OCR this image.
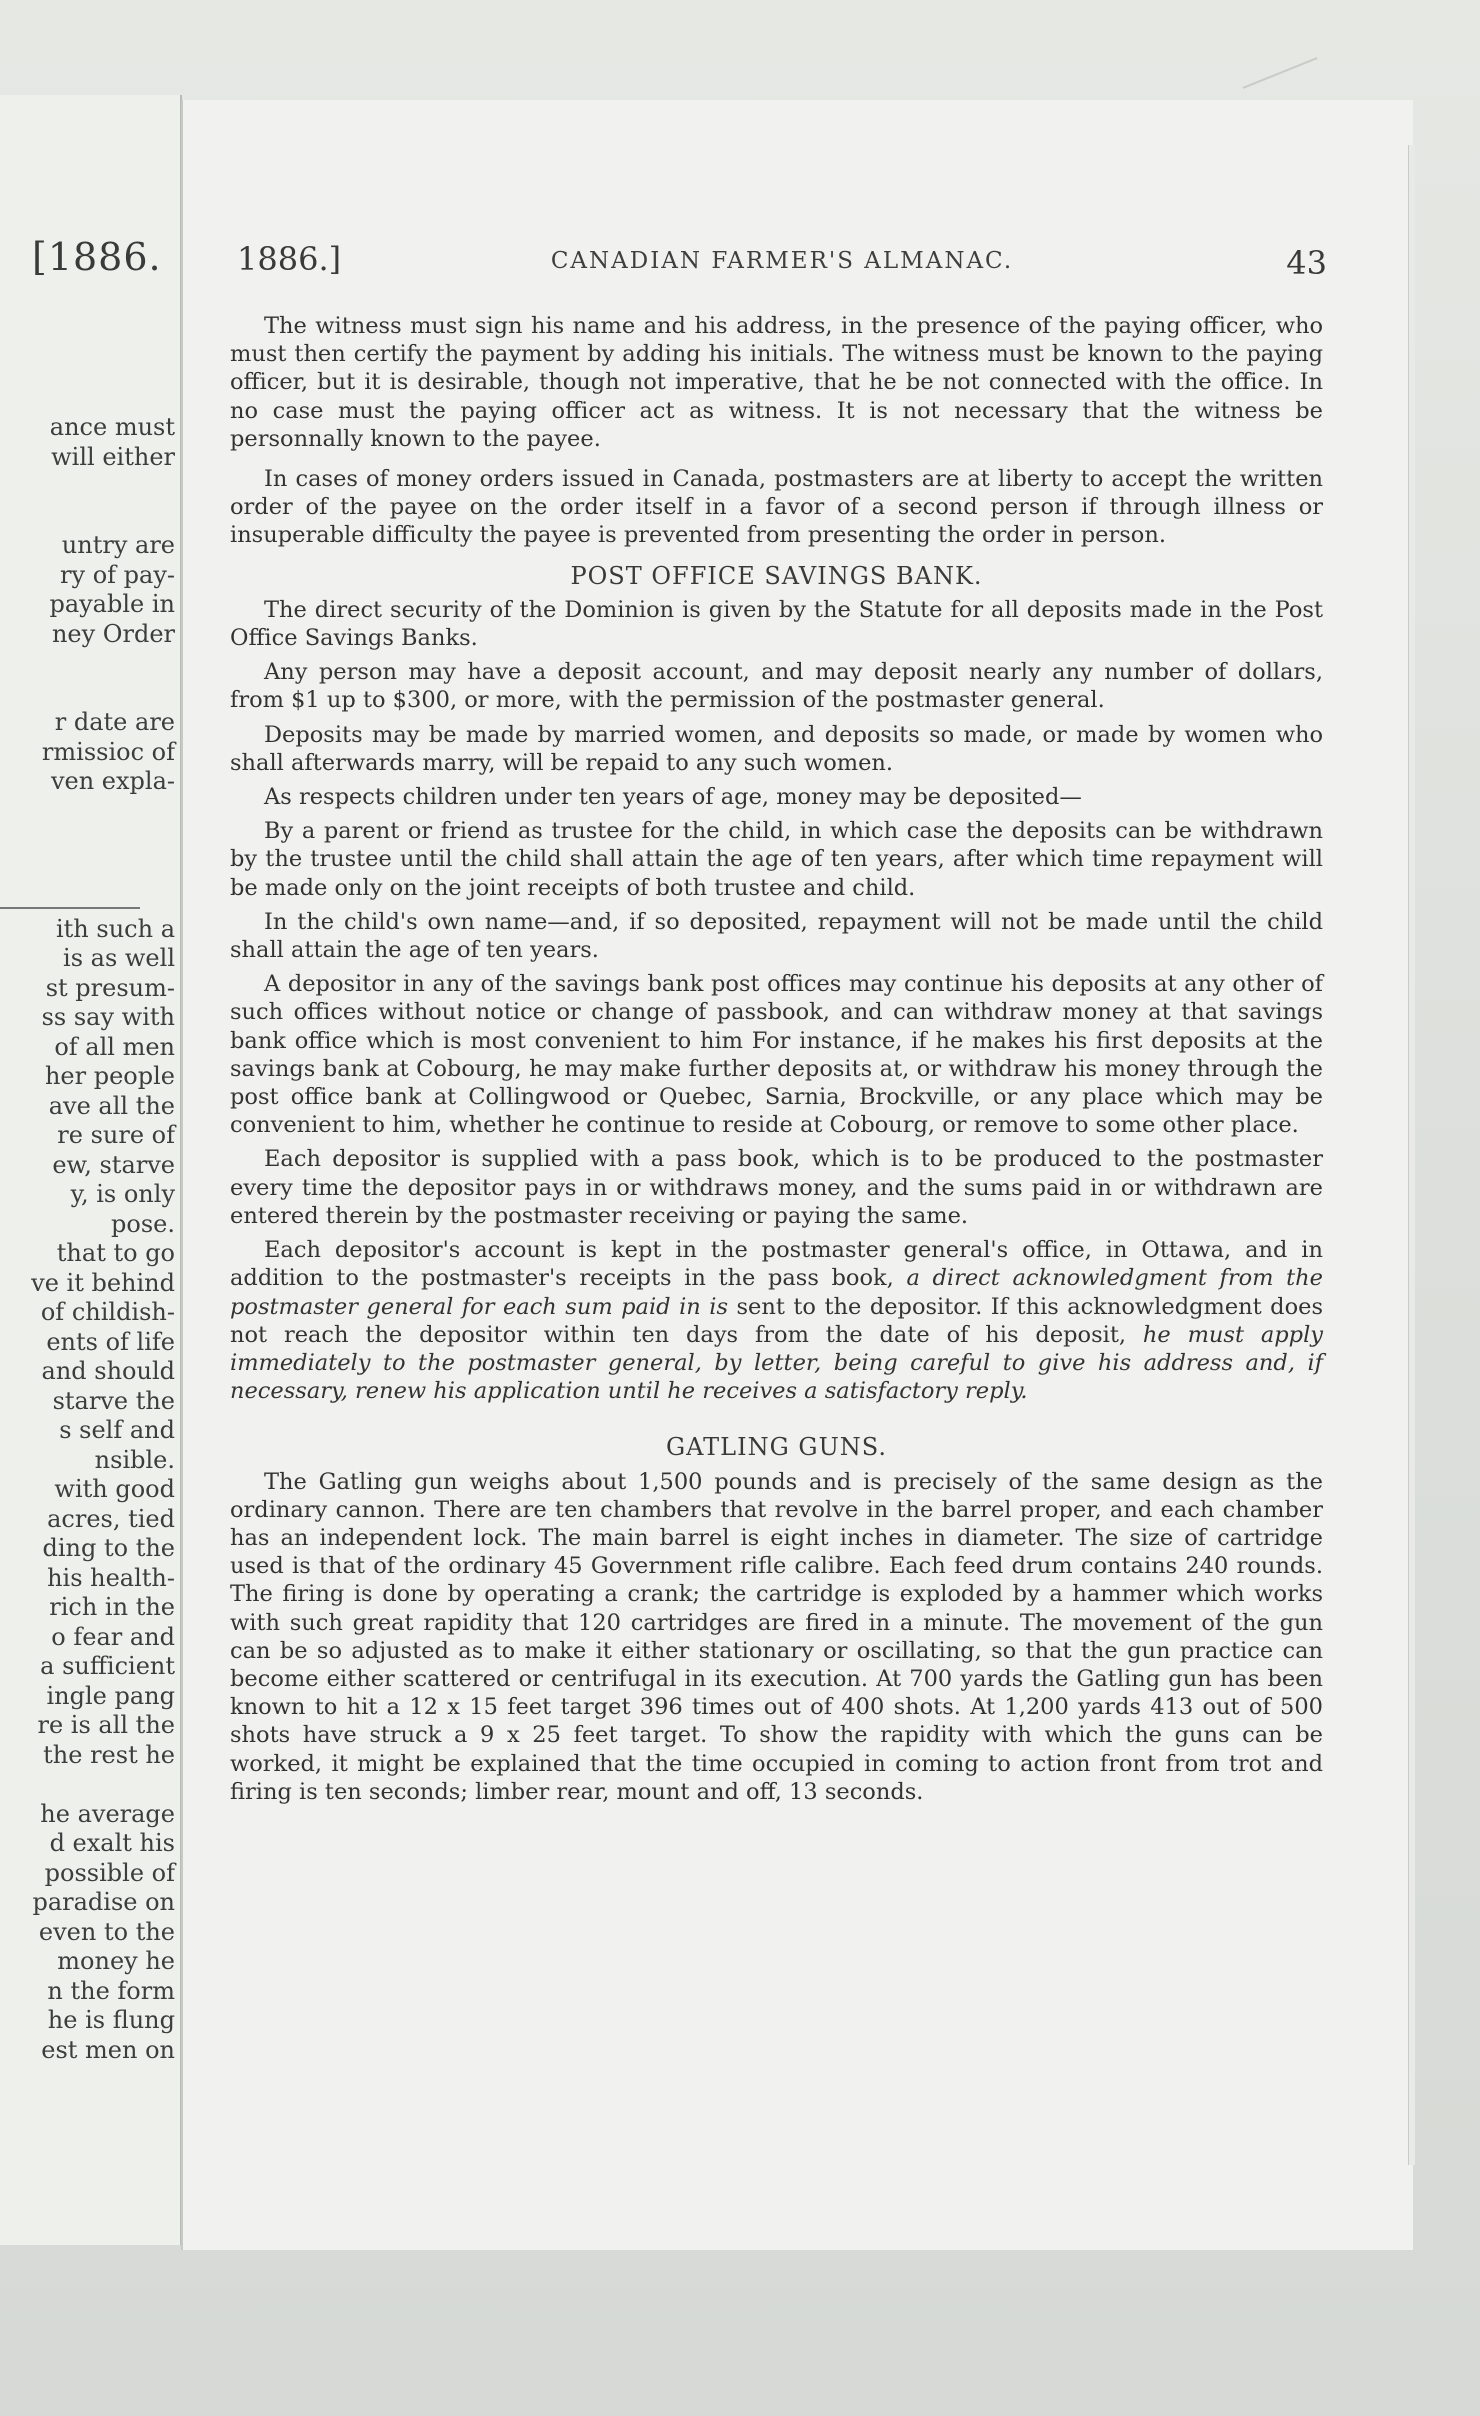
[1886.
ance must
will either
untry are
ry of pay-
payable in
ney Order
r date are
rmissioc of
ven expla-
ith such a
is as well
st presum-
ss say with
of all men
her people
ave all the
re sure of
ew, starve
y, is only
pose.
that to go
ve it behind
of childish-
ents of life
and should
starve the
s self and
nsible.
with good
acres, tied
ding to the
his health-
rich in the
o fear and
a sufficient
ingle pang
re is all the
the rest he
he average
d exalt his
possible of
paradise on
even to the
money he
n the form
he is flung
est men on
1886.]	CANADIAN FARMER'S ALMANAC.	43

The witness must sign his name and his address, in the presence of the paying officer, who must then certify the payment by adding his initials. The witness must be known to the paying officer, but it is desirable, though not imperative, that he be not connected with the office. In no case must the paying officer act as witness. It is not necessary that the witness be personnally known to the payee.

In cases of money orders issued in Canada, postmasters are at liberty to accept the written order of the payee on the order itself in a favor of a second person if through illness or insuperable difficulty the payee is prevented from presenting the order in person.

POST OFFICE SAVINGS BANK.

The direct security of the Dominion is given by the Statute for all deposits made in the Post Office Savings Banks.

Any person may have a deposit account, and may deposit nearly any number of dollars, from $1 up to $300, or more, with the permission of the postmaster general.

Deposits may be made by married women, and deposits so made, or made by women who shall afterwards marry, will be repaid to any such women.

As respects children under ten years of age, money may be deposited—

By a parent or friend as trustee for the child, in which case the deposits can be withdrawn by the trustee until the child shall attain the age of ten years, after which time repayment will be made only on the joint receipts of both trustee and child.

In the child's own name—and, if so deposited, repayment will not be made until the child shall attain the age of ten years.

A depositor in any of the savings bank post offices may continue his deposits at any other of such offices without notice or change of passbook, and can withdraw money at that savings bank office which is most convenient to him For instance, if he makes his first deposits at the savings bank at Cobourg, he may make further deposits at, or withdraw his money through the post office bank at Collingwood or Quebec, Sarnia, Brockville, or any place which may be convenient to him, whether he continue to reside at Cobourg, or remove to some other place.

Each depositor is supplied with a pass book, which is to be produced to the postmaster every time the depositor pays in or withdraws money, and the sums paid in or withdrawn are entered therein by the postmaster receiving or paying the same.

Each depositor's account is kept in the postmaster general's office, in Ottawa, and in addition to the postmaster's receipts in the pass book, a direct acknowledgment from the postmaster general for each sum paid in is sent to the depositor. If this acknowledgment does not reach the depositor within ten days from the date of his deposit, he must apply immediately to the postmaster general, by letter, being careful to give his address and, if necessary, renew his application until he receives a satisfactory reply.

GATLING GUNS.

The Gatling gun weighs about 1,500 pounds and is precisely of the same design as the ordinary cannon. There are ten chambers that revolve in the barrel proper, and each chamber has an independent lock. The main barrel is eight inches in diameter. The size of cartridge used is that of the ordinary 45 Government rifle calibre. Each feed drum contains 240 rounds. The firing is done by operating a crank; the cartridge is exploded by a hammer which works with such great rapidity that 120 cartridges are fired in a minute. The movement of the gun can be so adjusted as to make it either stationary or oscillating, so that the gun practice can become either scattered or centrifugal in its execution. At 700 yards the Gatling gun has been known to hit a 12 x 15 feet target 396 times out of 400 shots. At 1,200 yards 413 out of 500 shots have struck a 9 x 25 feet target. To show the rapidity with which the guns can be worked, it might be explained that the time occupied in coming to action front from trot and firing is ten seconds; limber rear, mount and off, 13 seconds.
